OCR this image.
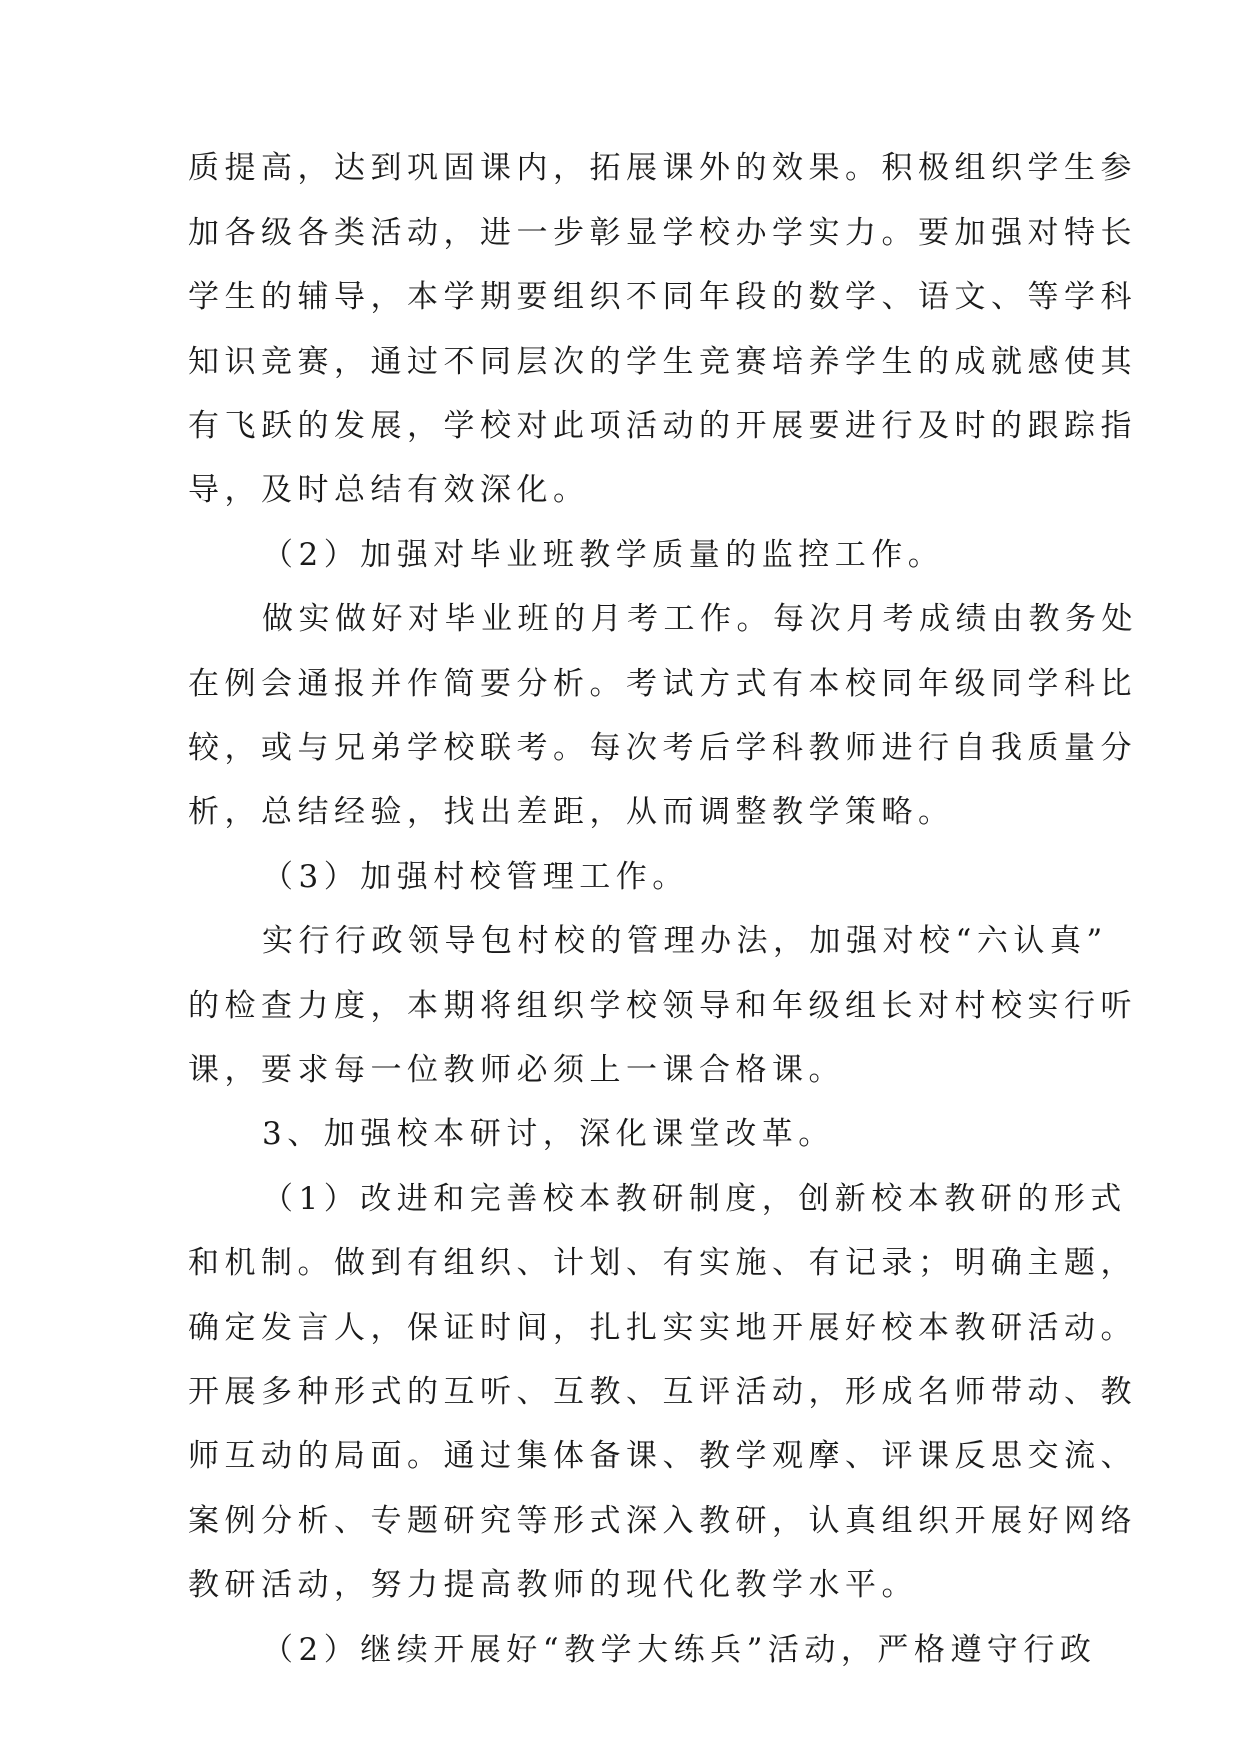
质提高，达到巩固课内，拓展课外的效果。积极组织学生参
加各级各类活动，进一步彰显学校办学实力。要加强对特长
学生的辅导，本学期要组织不同年段的数学、语文、等学科
知识竞赛，通过不同层次的学生竞赛培养学生的成就感使其
有飞跃的发展，学校对此项活动的开展要进行及时的跟踪指
导，及时总结有效深化。
（2）加强对毕业班教学质量的监控工作。
做实做好对毕业班的月考工作。每次月考成绩由教务处
在例会通报并作简要分析。考试方式有本校同年级同学科比
较，或与兄弟学校联考。每次考后学科教师进行自我质量分
析，总结经验，找出差距，从而调整教学策略。
（3）加强村校管理工作。
实行行政领导包村校的管理办法，加强对校“六认真”
的检查力度，本期将组织学校领导和年级组长对村校实行听
课，要求每一位教师必须上一课合格课。
3、加强校本研讨，深化课堂改革。
（1）改进和完善校本教研制度，创新校本教研的形式
和机制。做到有组织、计划、有实施、有记录；明确主题，
确定发言人，保证时间，扎扎实实地开展好校本教研活动。
开展多种形式的互听、互教、互评活动，形成名师带动、教
师互动的局面。通过集体备课、教学观摩、评课反思交流、
案例分析、专题研究等形式深入教研，认真组织开展好网络
教研活动，努力提高教师的现代化教学水平。
（2）继续开展好“教学大练兵”活动，严格遵守行政
